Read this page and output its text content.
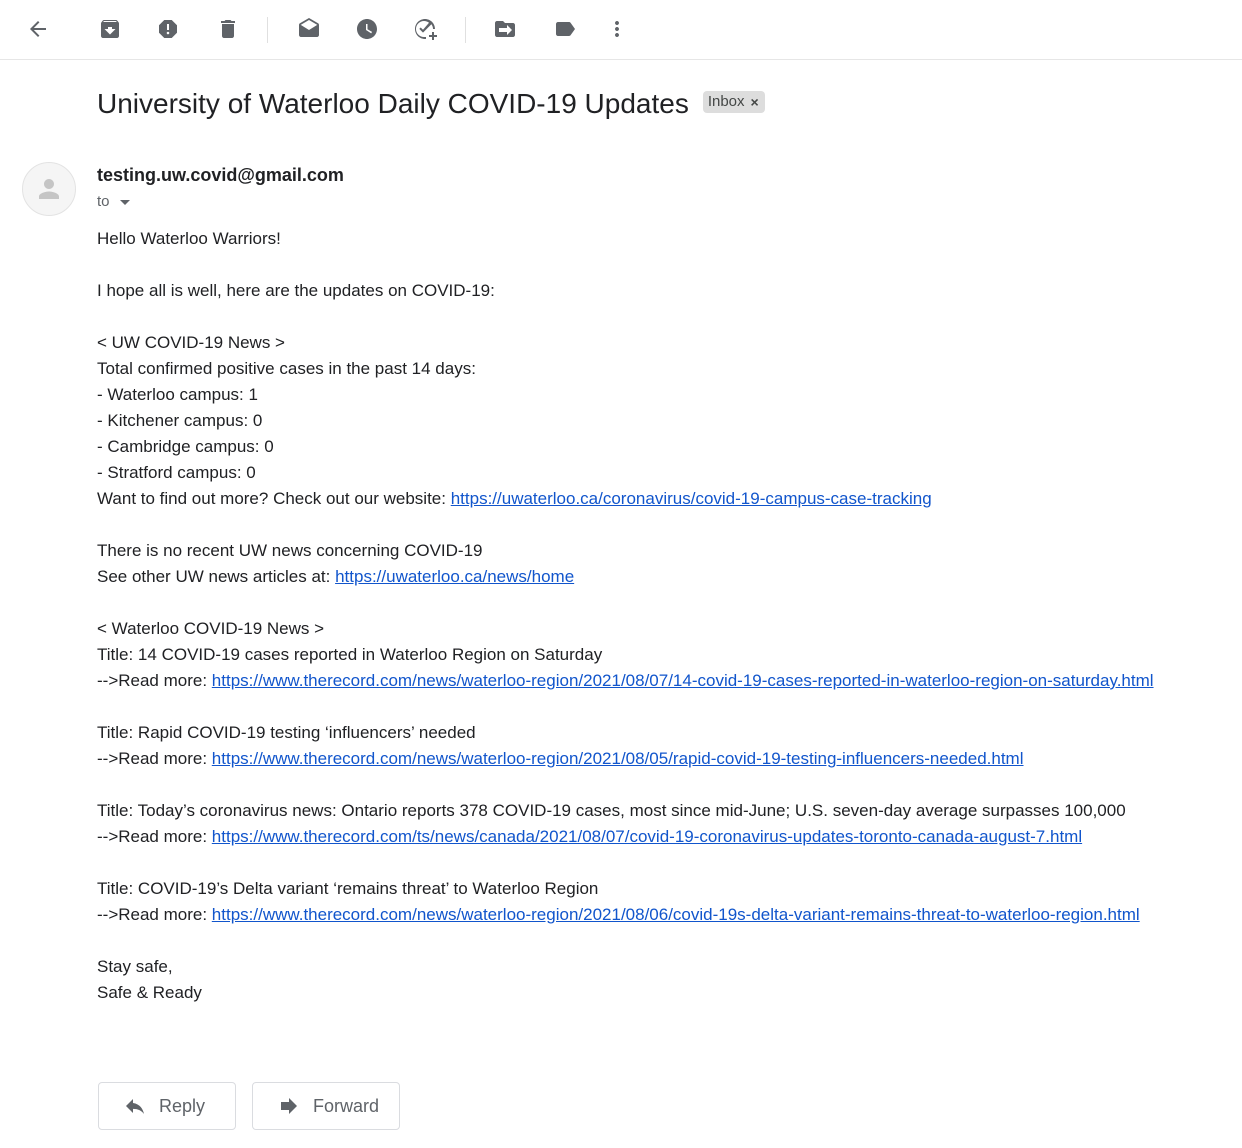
University of Waterloo Daily COVID-19 Updates Inbox ×
testing.uw.covid@gmail.com
to
Hello Waterloo Warriors!
I hope all is well, here are the updates on COVID-19:
< UW COVID-19 News >
Total confirmed positive cases in the past 14 days:
- Waterloo campus: 1
- Kitchener campus: 0
- Cambridge campus: 0
- Stratford campus: 0
Want to find out more? Check out our website: https://uwaterloo.ca/coronavirus/covid-19-campus-case-tracking
There is no recent UW news concerning COVID-19
See other UW news articles at: https://uwaterloo.ca/news/home
< Waterloo COVID-19 News >
Title: 14 COVID-19 cases reported in Waterloo Region on Saturday
-->Read more: https://www.therecord.com/news/waterloo-region/2021/08/07/14-covid-19-cases-reported-in-waterloo-region-on-saturday.html
Title: Rapid COVID-19 testing ‘influencers’ needed
-->Read more: https://www.therecord.com/news/waterloo-region/2021/08/05/rapid-covid-19-testing-influencers-needed.html
Title: Today’s coronavirus news: Ontario reports 378 COVID-19 cases, most since mid-June; U.S. seven-day average surpasses 100,000
-->Read more: https://www.therecord.com/ts/news/canada/2021/08/07/covid-19-coronavirus-updates-toronto-canada-august-7.html
Title: COVID-19’s Delta variant ‘remains threat’ to Waterloo Region
-->Read more: https://www.therecord.com/news/waterloo-region/2021/08/06/covid-19s-delta-variant-remains-threat-to-waterloo-region.html
Stay safe,
Safe & Ready
Reply	Forward
